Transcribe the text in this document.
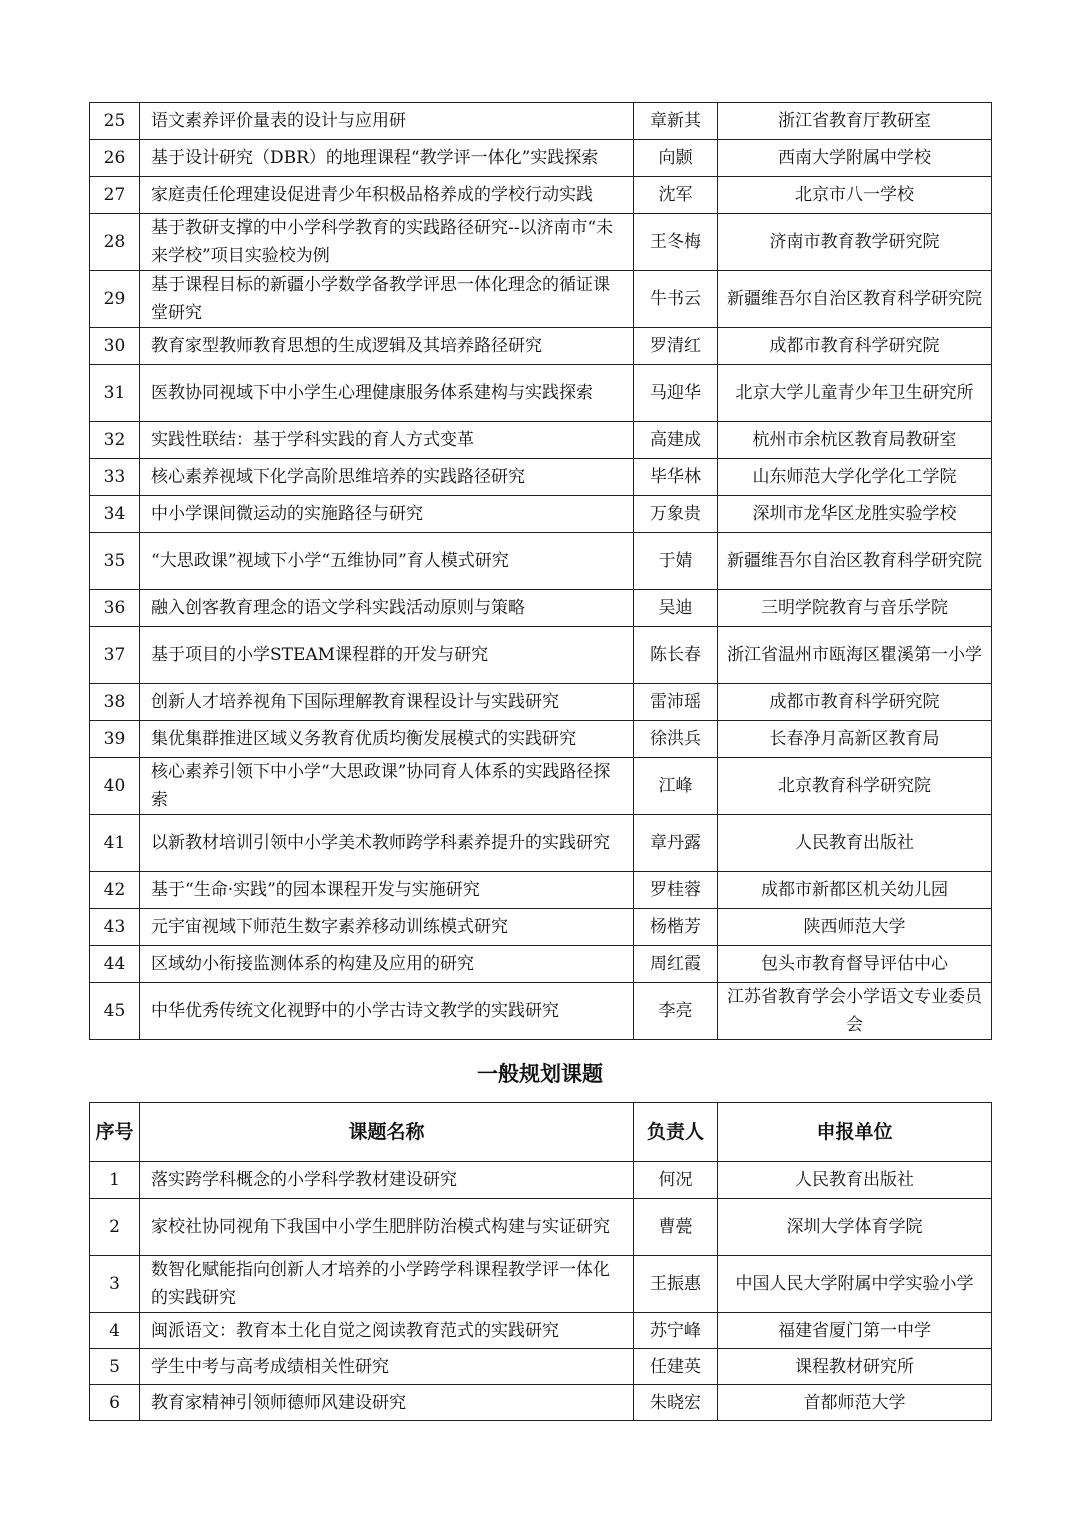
25	语文素养评价量表的设计与应用研	章新其	浙江省教育厅教研室
26	基于设计研究（DBR）的地理课程“教学评一体化”实践探索	向颢	西南大学附属中学校
27	家庭责任伦理建设促进青少年积极品格养成的学校行动实践	沈军	北京市八一学校
28	基于教研支撑的中小学科学教育的实践路径研究--以济南市“未来学校”项目实验校为例	王冬梅	济南市教育教学研究院
29	基于课程目标的新疆小学数学备教学评思一体化理念的循证课堂研究	牛书云	新疆维吾尔自治区教育科学研究院
30	教育家型教师教育思想的生成逻辑及其培养路径研究	罗清红	成都市教育科学研究院
31	医教协同视域下中小学生心理健康服务体系建构与实践探索	马迎华	北京大学儿童青少年卫生研究所
32	实践性联结：基于学科实践的育人方式变革	高建成	杭州市余杭区教育局教研室
33	核心素养视域下化学高阶思维培养的实践路径研究	毕华林	山东师范大学化学化工学院
34	中小学课间微运动的实施路径与研究	万象贵	深圳市龙华区龙胜实验学校
35	“大思政课”视域下小学“五维协同”育人模式研究	于婧	新疆维吾尔自治区教育科学研究院
36	融入创客教育理念的语文学科实践活动原则与策略	吴迪	三明学院教育与音乐学院
37	基于项目的小学STEAM课程群的开发与研究	陈长春	浙江省温州市瓯海区瞿溪第一小学
38	创新人才培养视角下国际理解教育课程设计与实践研究	雷沛瑶	成都市教育科学研究院
39	集优集群推进区域义务教育优质均衡发展模式的实践研究	徐洪兵	长春净月高新区教育局
40	核心素养引领下中小学“大思政课”协同育人体系的实践路径探索	江峰	北京教育科学研究院
41	以新教材培训引领中小学美术教师跨学科素养提升的实践研究	章丹露	人民教育出版社
42	基于“生命·实践”的园本课程开发与实施研究	罗桂蓉	成都市新都区机关幼儿园
43	元宇宙视域下师范生数字素养移动训练模式研究	杨楷芳	陕西师范大学
44	区域幼小衔接监测体系的构建及应用的研究	周红霞	包头市教育督导评估中心
45	中华优秀传统文化视野中的小学古诗文教学的实践研究	李亮	江苏省教育学会小学语文专业委员会
一般规划课题
序号	课题名称	负责人	申报单位
1	落实跨学科概念的小学科学教材建设研究	何况	人民教育出版社
2	家校社协同视角下我国中小学生肥胖防治模式构建与实证研究	曹甍	深圳大学体育学院
3	数智化赋能指向创新人才培养的小学跨学科课程教学评一体化的实践研究	王振惠	中国人民大学附属中学实验小学
4	闽派语文：教育本土化自觉之阅读教育范式的实践研究	苏宁峰	福建省厦门第一中学
5	学生中考与高考成绩相关性研究	任建英	课程教材研究所
6	教育家精神引领师德师风建设研究	朱晓宏	首都师范大学
